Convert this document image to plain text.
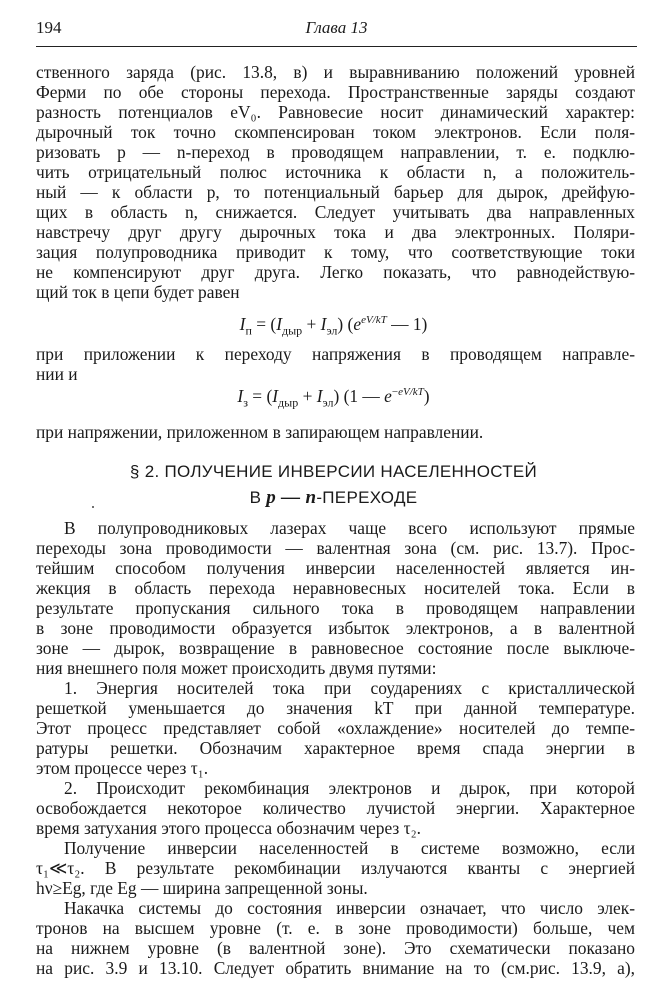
194	Глава 13
ственного заряда (рис. 13.8, в) и выравниванию положений уровней
Ферми по обе стороны перехода. Пространственные заряды создают
разность потенциалов eV₀. Равновесие носит динамический характер:
дырочный ток точно скомпенсирован током электронов. Если поля-
ризовать p — n-переход в проводящем направлении, т. е. подклю-
чить отрицательный полюс источника к области n, а положитель-
ный — к области p, то потенциальный барьер для дырок, дрейфую-
щих в область n, снижается. Следует учитывать два направленных
навстречу друг другу дырочных тока и два электронных. Поляри-
зация полупроводника приводит к тому, что соответствующие токи
не компенсируют друг друга. Легко показать, что равнодействую-
щий ток в цепи будет равен
при приложении к переходу напряжения в проводящем направле-
нии и
при напряжении, приложенном в запирающем направлении.
В полупроводниковых лазерах чаще всего используют прямые
переходы зона проводимости — валентная зона (см. рис. 13.7). Прос-
тейшим способом получения инверсии населенностей является ин-
жекция в область перехода неравновесных носителей тока. Если в
результате пропускания сильного тока в проводящем направлении
в зоне проводимости образуется избыток электронов, а в валентной
зоне — дырок, возвращение в равновесное состояние после выключе-
ния внешнего поля может происходить двумя путями:
1. Энергия носителей тока при соударениях с кристаллической
решеткой уменьшается до значения kT при данной температуре.
Этот процесс представляет собой «охлаждение» носителей до темпе-
ратуры решетки. Обозначим характерное время спада энергии в
этом процессе через τ₁.
2. Происходит рекомбинация электронов и дырок, при которой
освобождается некоторое количество лучистой энергии. Характерное
время затухания этого процесса обозначим через τ₂.
Получение инверсии населенностей в системе возможно, если
τ₁≪τ₂. В результате рекомбинации излучаются кванты с энергией
hν≥Eg, где Eg — ширина запрещенной зоны.
Накачка системы до состояния инверсии означает, что число элек-
тронов на высшем уровне (т. е. в зоне проводимости) больше, чем
на нижнем уровне (в валентной зоне). Это схематически показано
на рис. 3.9 и 13.10. Следует обратить внимание на то (см.рис. 13.9, а),
$I_п = (I_{дыр} + I_{эл})$ ($e^{eV/kT}$ — 1)
$I_з = (I_{дыр} + I_{эл})$ (1 — $e^{-eV/kT}$)
§ 2. ПОЛУЧЕНИЕ ИНВЕРСИИ НАСЕЛЕННОСТЕЙ
В p — n-ПЕРЕХОДЕ
